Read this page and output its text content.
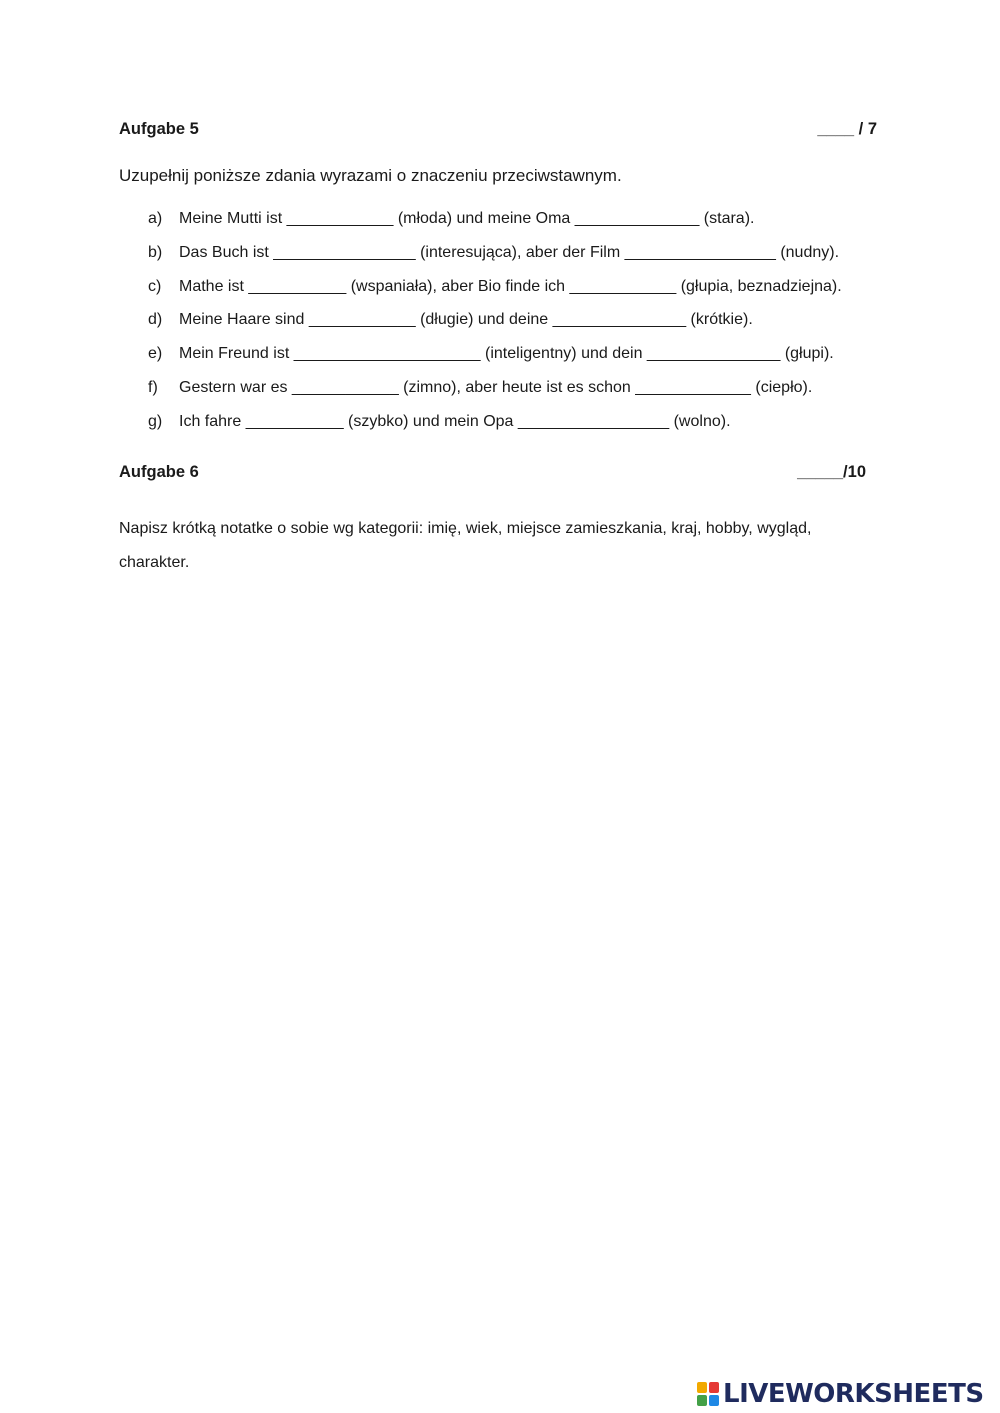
Aufgabe 5	____ / 7
Uzupełnij poniższe zdania wyrazami o znaczeniu przeciwstawnym.
a) Meine Mutti ist ____________ (młoda) und meine Oma ______________ (stara).
b) Das Buch ist ________________ (interesująca), aber der Film _________________ (nudny).
c) Mathe ist ___________ (wspaniała), aber Bio finde ich ____________ (głupia, beznadziejna).
d) Meine Haare sind ____________ (długie) und deine _______________ (krótkie).
e) Mein Freund ist _____________________ (inteligentny) und dein _______________ (głupi).
f) Gestern war es ____________ (zimno), aber heute ist es schon _____________ (ciepło).
g) Ich fahre ___________ (szybko) und mein Opa _________________ (wolno).
Aufgabe 6	_____/10
Napisz krótką notatke o sobie wg kategorii: imię, wiek, miejsce zamieszkania, kraj, hobby, wygląd, charakter.
LIVEWORKSHEETS
